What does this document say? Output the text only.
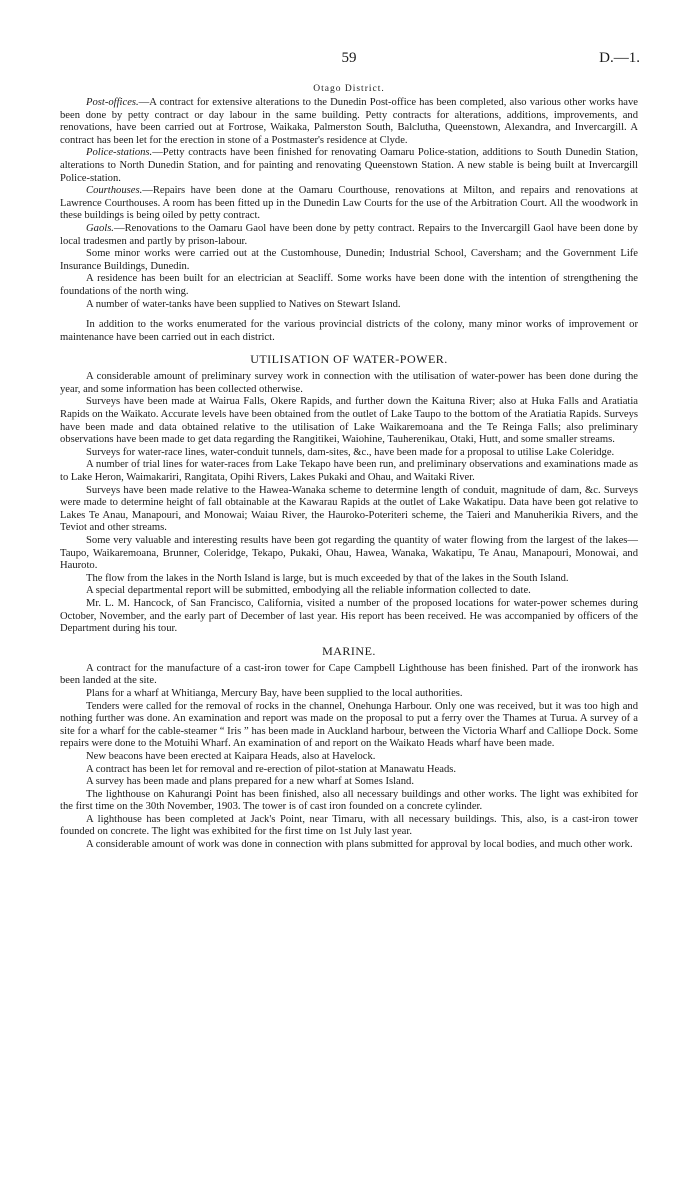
59	D.—1.
Otago District.

Post-offices.—A contract for extensive alterations to the Dunedin Post-office has been completed, also various other works have been done by petty contract or day labour in the same building. Petty contracts for alterations, additions, improvements, and renovations, have been carried out at Fortrose, Waikaka, Palmerston South, Balclutha, Queenstown, Alexandra, and Invercargill. A contract has been let for the erection in stone of a Postmaster's residence at Clyde.

Police-stations.—Petty contracts have been finished for renovating Oamaru Police-station, additions to South Dunedin Station, alterations to North Dunedin Station, and for painting and renovating Queenstown Station. A new stable is being built at Invercargill Police-station.

Courthouses.—Repairs have been done at the Oamaru Courthouse, renovations at Milton, and repairs and renovations at Lawrence Courthouses. A room has been fitted up in the Dunedin Law Courts for the use of the Arbitration Court. All the woodwork in these buildings is being oiled by petty contract.

Gaols.—Renovations to the Oamaru Gaol have been done by petty contract. Repairs to the Invercargill Gaol have been done by local tradesmen and partly by prison-labour.

Some minor works were carried out at the Customhouse, Dunedin; Industrial School, Caversham; and the Government Life Insurance Buildings, Dunedin.

A residence has been built for an electrician at Seacliff. Some works have been done with the intention of strengthening the foundations of the north wing.

A number of water-tanks have been supplied to Natives on Stewart Island.

In addition to the works enumerated for the various provincial districts of the colony, many minor works of improvement or maintenance have been carried out in each district.

UTILISATION OF WATER-POWER.

A considerable amount of preliminary survey work in connection with the utilisation of water-power has been done during the year, and some information has been collected otherwise.

Surveys have been made at Wairua Falls, Okere Rapids, and further down the Kaituna River; also at Huka Falls and Aratiatia Rapids on the Waikato. Accurate levels have been obtained from the outlet of Lake Taupo to the bottom of the Aratiatia Rapids. Surveys have been made and data obtained relative to the utilisation of Lake Waikaremoana and the Te Reinga Falls; also preliminary observations have been made to get data regarding the Rangitikei, Waiohine, Tauherenikau, Otaki, Hutt, and some smaller streams.

Surveys for water-race lines, water-conduit tunnels, dam-sites, &c., have been made for a proposal to utilise Lake Coleridge.

A number of trial lines for water-races from Lake Tekapo have been run, and preliminary observations and examinations made as to Lake Heron, Waimakariri, Rangitata, Opihi Rivers, Lakes Pukaki and Ohau, and Waitaki River.

Surveys have been made relative to the Hawea-Wanaka scheme to determine length of conduit, magnitude of dam, &c. Surveys were made to determine height of fall obtainable at the Kawarau Rapids at the outlet of Lake Wakatipu. Data have been got relative to Lakes Te Anau, Manapouri, and Monowai; Waiau River, the Hauroko-Poteriteri scheme, the Taieri and Manuherikia Rivers, and the Teviot and other streams.

Some very valuable and interesting results have been got regarding the quantity of water flowing from the largest of the lakes—Taupo, Waikaremoana, Brunner, Coleridge, Tekapo, Pukaki, Ohau, Hawea, Wanaka, Wakatipu, Te Anau, Manapouri, Monowai, and Hauroto.

The flow from the lakes in the North Island is large, but is much exceeded by that of the lakes in the South Island.

A special departmental report will be submitted, embodying all the reliable information collected to date.

Mr. L. M. Hancock, of San Francisco, California, visited a number of the proposed locations for water-power schemes during October, November, and the early part of December of last year. His report has been received. He was accompanied by officers of the Department during his tour.

MARINE.

A contract for the manufacture of a cast-iron tower for Cape Campbell Lighthouse has been finished. Part of the ironwork has been landed at the site.

Plans for a wharf at Whitianga, Mercury Bay, have been supplied to the local authorities.

Tenders were called for the removal of rocks in the channel, Onehunga Harbour. Only one was received, but it was too high and nothing further was done. An examination and report was made on the proposal to put a ferry over the Thames at Turua. A survey of a site for a wharf for the cable-steamer “ Iris ” has been made in Auckland harbour, between the Victoria Wharf and Calliope Dock. Some repairs were done to the Motuihi Wharf. An examination of and report on the Waikato Heads wharf have been made.

New beacons have been erected at Kaipara Heads, also at Havelock.

A contract has been let for removal and re-erection of pilot-station at Manawatu Heads.

A survey has been made and plans prepared for a new wharf at Somes Island.

The lighthouse on Kahurangi Point has been finished, also all necessary buildings and other works. The light was exhibited for the first time on the 30th November, 1903. The tower is of cast iron founded on a concrete cylinder.

A lighthouse has been completed at Jack's Point, near Timaru, with all necessary buildings. This, also, is a cast-iron tower founded on concrete. The light was exhibited for the first time on 1st July last year.

A considerable amount of work was done in connection with plans submitted for approval by local bodies, and much other work.
